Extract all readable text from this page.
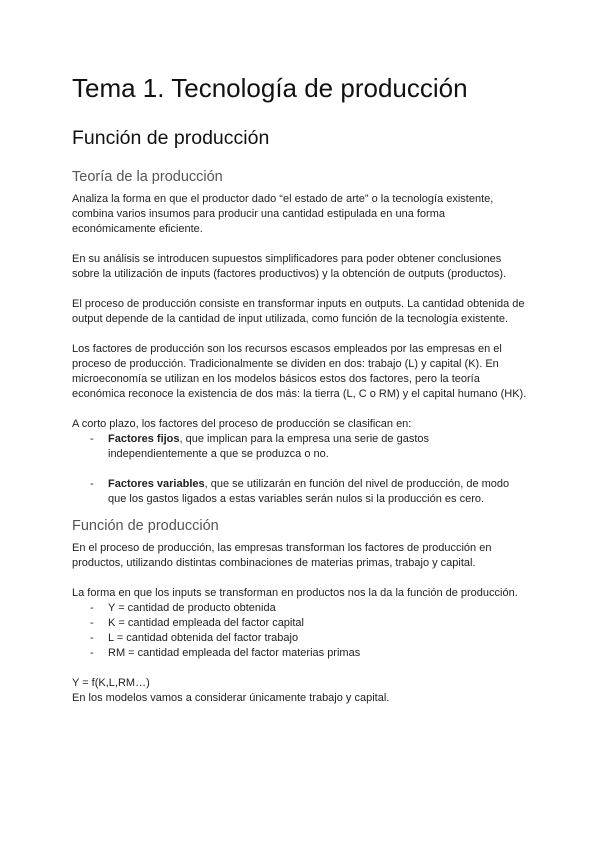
Tema 1. Tecnología de producción
Función de producción
Teoría de la producción

Analiza la forma en que el productor dado “el estado de arte” o la tecnología existente, combina varios insumos para producir una cantidad estipulada en una forma económicamente eficiente.

En su análisis se introducen supuestos simplificadores para poder obtener conclusiones sobre la utilización de inputs (factores productivos) y la obtención de outputs (productos).

El proceso de producción consiste en transformar inputs en outputs. La cantidad obtenida de output depende de la cantidad de input utilizada, como función de la tecnología existente.

Los factores de producción son los recursos escasos empleados por las empresas en el proceso de producción. Tradicionalmente se dividen en dos: trabajo (L) y capital (K). En microeconomía se utilizan en los modelos básicos estos dos factores, pero la teoría económica reconoce la existencia de dos más: la tierra (L, C o RM) y el capital humano (HK).

A corto plazo, los factores del proceso de producción se clasifican en:

- Factores fijos, que implican para la empresa una serie de gastos independientemente a que se produzca o no.
- Factores variables, que se utilizarán en función del nivel de producción, de modo que los gastos ligados a estas variables serán nulos si la producción es cero.
Función de producción

En el proceso de producción, las empresas transforman los factores de producción en productos, utilizando distintas combinaciones de materias primas, trabajo y capital.

La forma en que los inputs se transforman en productos nos la da la función de producción.

- Y = cantidad de producto obtenida
- K = cantidad empleada del factor capital
- L = cantidad obtenida del factor trabajo
- RM = cantidad empleada del factor materias primas

Y = f(K,L,RM…)

En los modelos vamos a considerar únicamente trabajo y capital.
